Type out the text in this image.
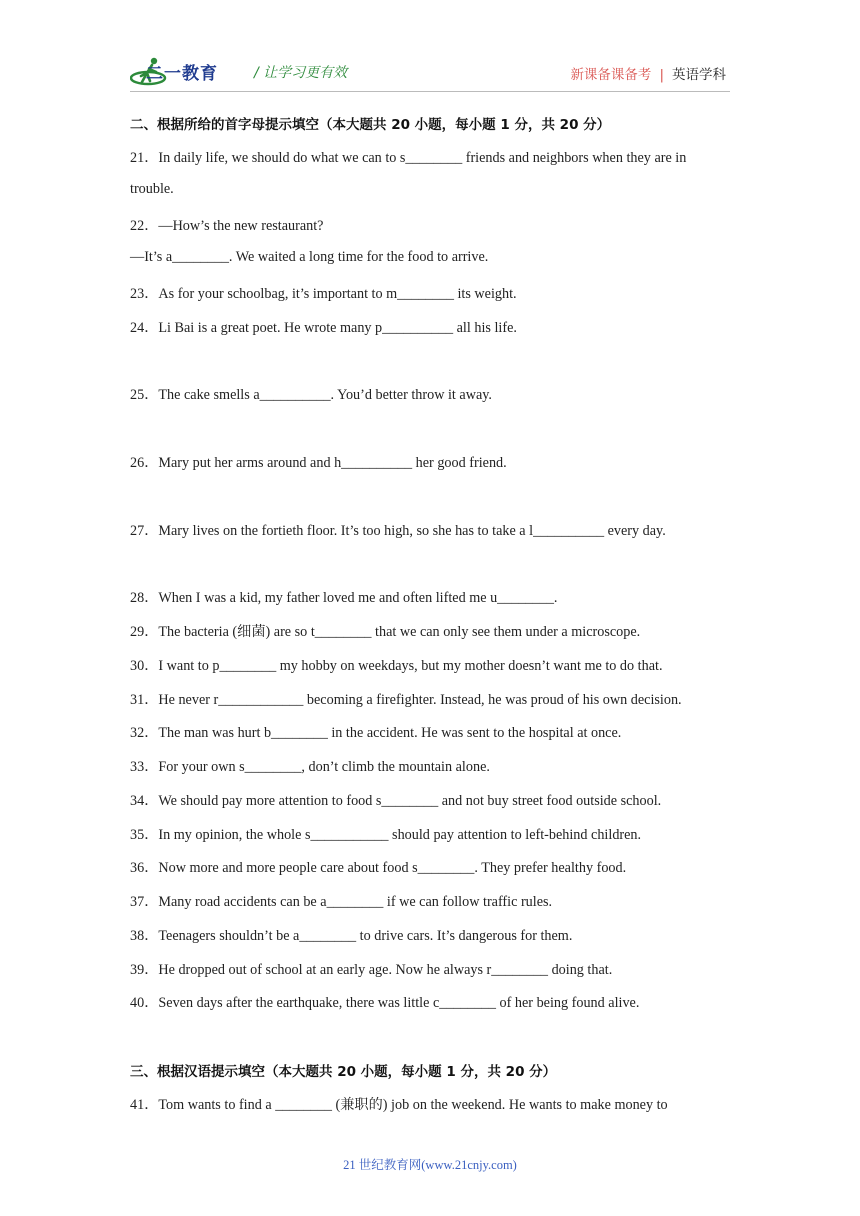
二一教育	/ 让学习更有效	新课备课备考 | 英语学科
二、根据所给的首字母提示填空（本大题共 20 小题，每小题 1 分，共 20 分）
21．In daily life, we should do what we can to s________ friends and neighbors when they are in
trouble.
22．—How’s the new restaurant?
—It’s a________. We waited a long time for the food to arrive.
23．As for your schoolbag, it’s important to m________ its weight.
24．Li Bai is a great poet. He wrote many p__________ all his life.
25．The cake smells a__________. You’d better throw it away.
26．Mary put her arms around and h__________ her good friend.
27．Mary lives on the fortieth floor. It’s too high, so she has to take a l__________ every day.
28．When I was a kid, my father loved me and often lifted me u________.
29．The bacteria (细菌) are so t________ that we can only see them under a microscope.
30．I want to p________ my hobby on weekdays, but my mother doesn’t want me to do that.
31．He never r____________ becoming a firefighter. Instead, he was proud of his own decision.
32．The man was hurt b________ in the accident. He was sent to the hospital at once.
33．For your own s________, don’t climb the mountain alone.
34．We should pay more attention to food s________ and not buy street food outside school.
35．In my opinion, the whole s___________ should pay attention to left-behind children.
36．Now more and more people care about food s________. They prefer healthy food.
37．Many road accidents can be a________ if we can follow traffic rules.
38．Teenagers shouldn’t be a________ to drive cars. It’s dangerous for them.
39．He dropped out of school at an early age. Now he always r________ doing that.
40．Seven days after the earthquake, there was little c________ of her being found alive.
三、根据汉语提示填空（本大题共 20 小题，每小题 1 分，共 20 分）
41．Tom wants to find a ________ (兼职的) job on the weekend. He wants to make money to
21 世纪教育网(www.21cnjy.com)
